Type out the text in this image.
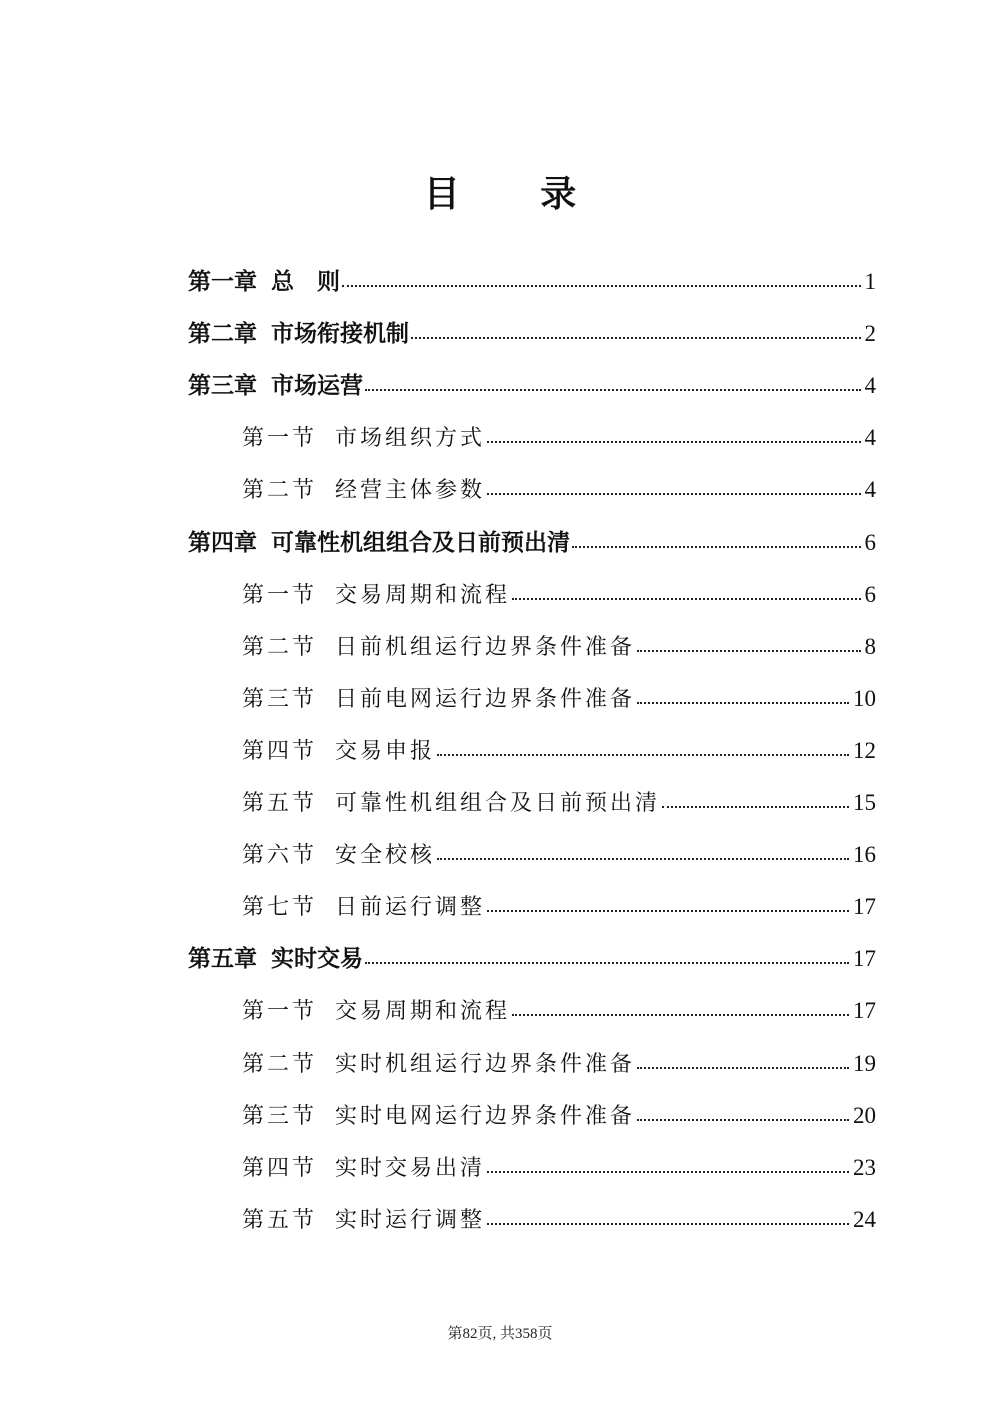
目 录
第一章 总　则	1
第二章 市场衔接机制	2
第三章 市场运营	4
第一节 市场组织方式	4
第二节 经营主体参数	4
第四章 可靠性机组组合及日前预出清	6
第一节 交易周期和流程	6
第二节 日前机组运行边界条件准备	8
第三节 日前电网运行边界条件准备	10
第四节 交易申报	12
第五节 可靠性机组组合及日前预出清	15
第六节 安全校核	16
第七节 日前运行调整	17
第五章 实时交易	17
第一节 交易周期和流程	17
第二节 实时机组运行边界条件准备	19
第三节 实时电网运行边界条件准备	20
第四节 实时交易出清	23
第五节 实时运行调整	24
第82页, 共358页
